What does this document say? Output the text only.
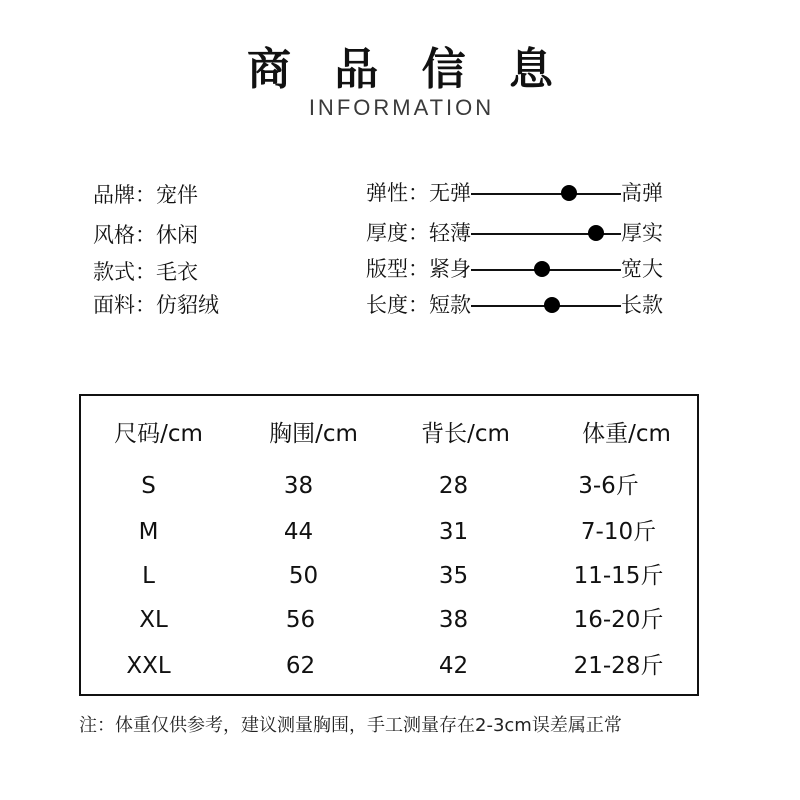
商 品 信 息
INFORMATION
品牌：宠伴
风格：休闲
款式：毛衣
面料：仿貂绒
弹性： 无弹	高弹
厚度： 轻薄	厚实
版型： 紧身	宽大
长度： 短款	长款
尺码/cm	胸围/cm	背长/cm	体重/cm
S	38	28	3-6斤
M	44	31	7-10斤
L	50	35	11-15斤
XL	56	38	16-20斤
XXL	62	42	21-28斤
注：体重仅供参考，建议测量胸围，手工测量存在2-3cm误差属正常
